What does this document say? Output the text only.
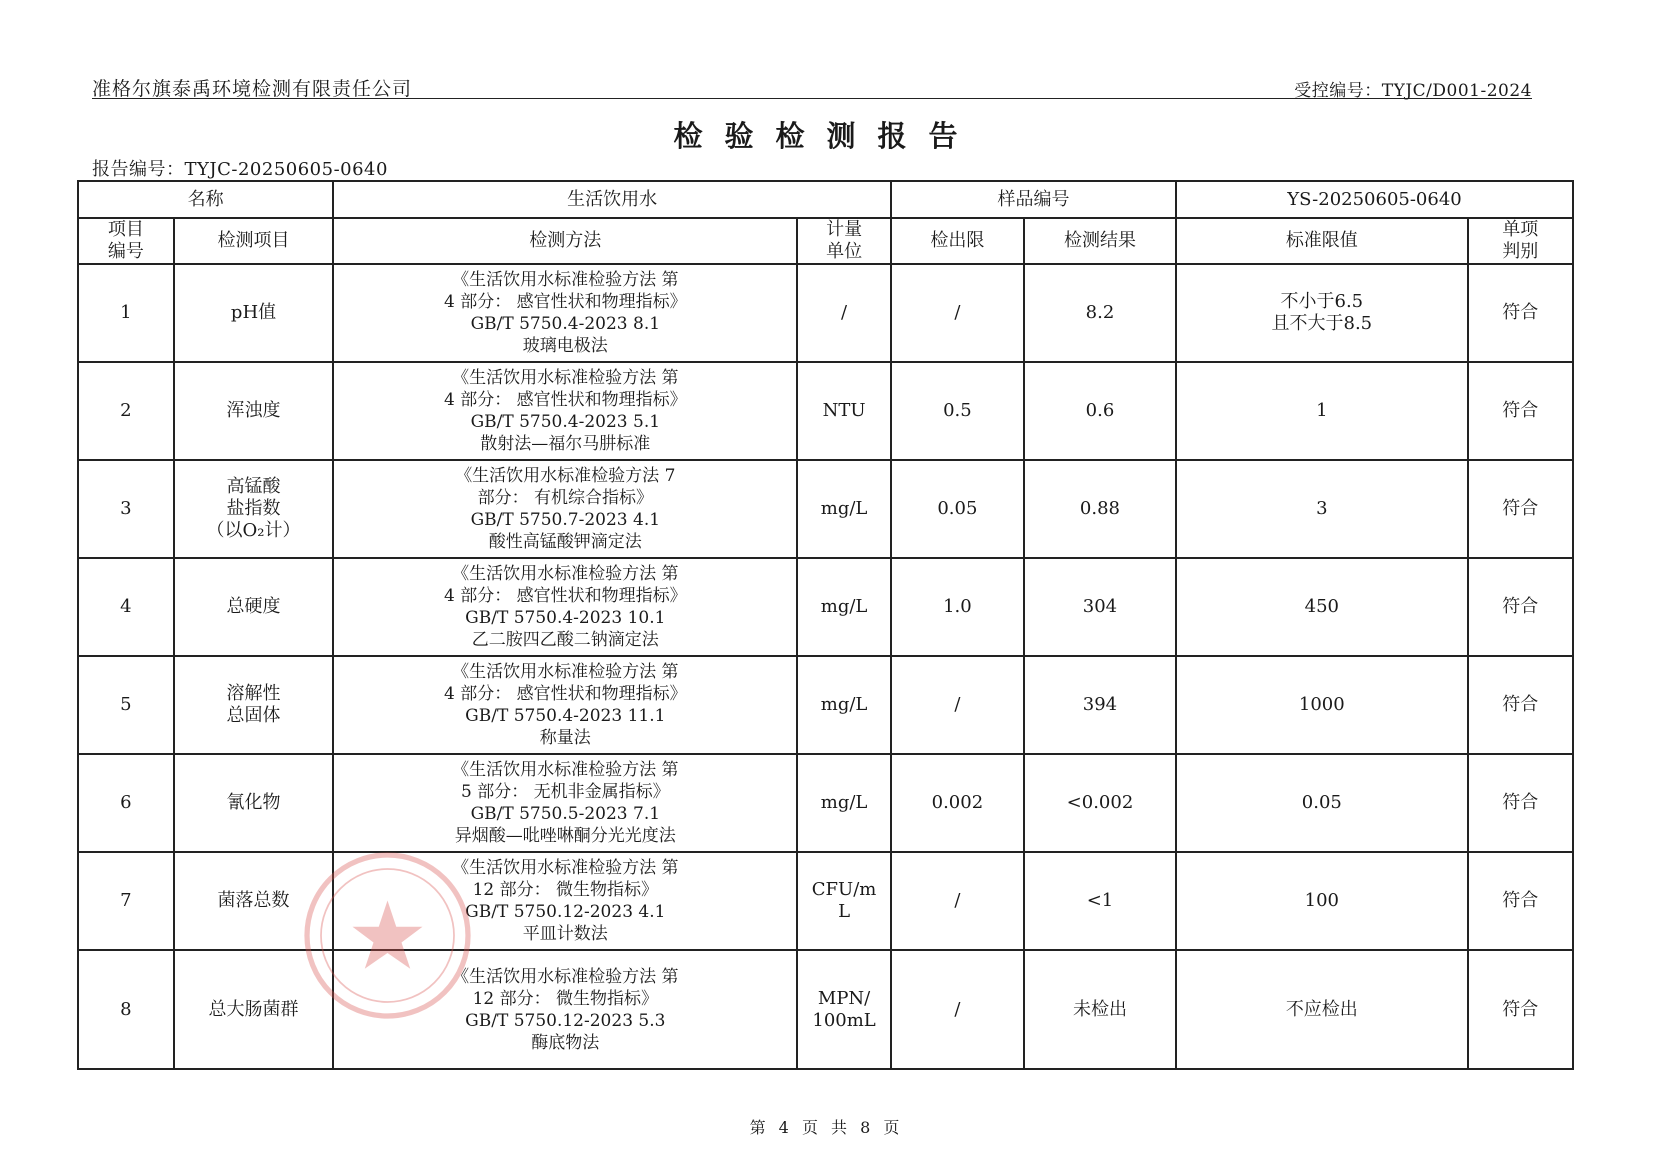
准格尔旗泰禹环境检测有限责任公司	受控编号：TYJC/D001-2024
检验检测报告
报告编号：TYJC-20250605-0640
名称		生活饮用水		样品编号		YS-20250605-0640	

项目
编号	检测项目	检测方法	计量
单位	检出限	检测结果	标准限值	单项
判别

1	pH值	《生活饮用水标准检验方法 第
4 部分： 感官性状和物理指标》
GB/T 5750.4-2023 8.1
玻璃电极法	/	/	8.2	不小于6.5
且不大于8.5	符合
2	浑浊度	《生活饮用水标准检验方法 第
4 部分： 感官性状和物理指标》
GB/T 5750.4-2023 5.1
散射法—福尔马肼标准	NTU	0.5	0.6	1	符合
3	高锰酸
盐指数
（以O₂计）	《生活饮用水标准检验方法 7
部分： 有机综合指标》
GB/T 5750.7-2023 4.1
酸性高锰酸钾滴定法	mg/L	0.05	0.88	3	符合
4	总硬度	《生活饮用水标准检验方法 第
4 部分： 感官性状和物理指标》
GB/T 5750.4-2023 10.1
乙二胺四乙酸二钠滴定法	mg/L	1.0	304	450	符合
5	溶解性
总固体	《生活饮用水标准检验方法 第
4 部分： 感官性状和物理指标》
GB/T 5750.4-2023 11.1
称量法	mg/L	/	394	1000	符合
6	氰化物	《生活饮用水标准检验方法 第
5 部分： 无机非金属指标》
GB/T 5750.5-2023 7.1
异烟酸—吡唑啉酮分光光度法	mg/L	0.002	<0.002	0.05	符合
7	菌落总数	《生活饮用水标准检验方法 第
12 部分： 微生物指标》
GB/T 5750.12-2023 4.1
平皿计数法	CFU/m
L	/	<1	100	符合
8	总大肠菌群	《生活饮用水标准检验方法 第
12 部分： 微生物指标》
GB/T 5750.12-2023 5.3
酶底物法	MPN/
100mL	/	未检出	不应检出	符合
第 4 页 共 8 页
